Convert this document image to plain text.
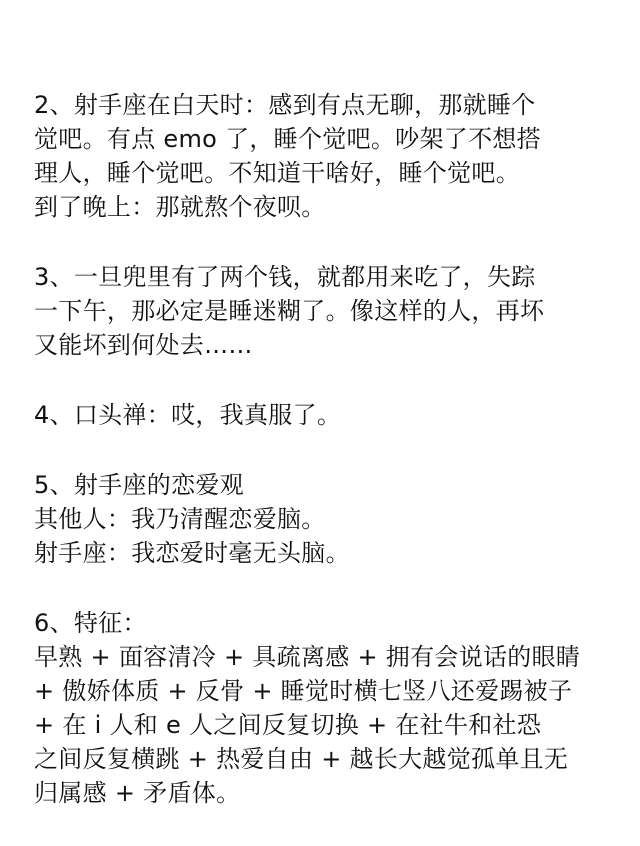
2、射手座在白天时：感到有点无聊，那就睡个
觉吧。有点 emo 了，睡个觉吧。吵架了不想搭
理人，睡个觉吧。不知道干啥好，睡个觉吧。
到了晚上：那就熬个夜呗。
3、一旦兜里有了两个钱，就都用来吃了，失踪
一下午，那必定是睡迷糊了。像这样的人，再坏
又能坏到何处去……
4、口头禅：哎，我真服了。
5、射手座的恋爱观
其他人：我乃清醒恋爱脑。
射手座：我恋爱时毫无头脑。
6、特征：
早熟 + 面容清冷 + 具疏离感 + 拥有会说话的眼睛
+ 傲娇体质 + 反骨 + 睡觉时横七竖八还爱踢被子
+ 在 i 人和 e 人之间反复切换 + 在社牛和社恐
之间反复横跳 + 热爱自由 + 越长大越觉孤单且无
归属感 + 矛盾体。
